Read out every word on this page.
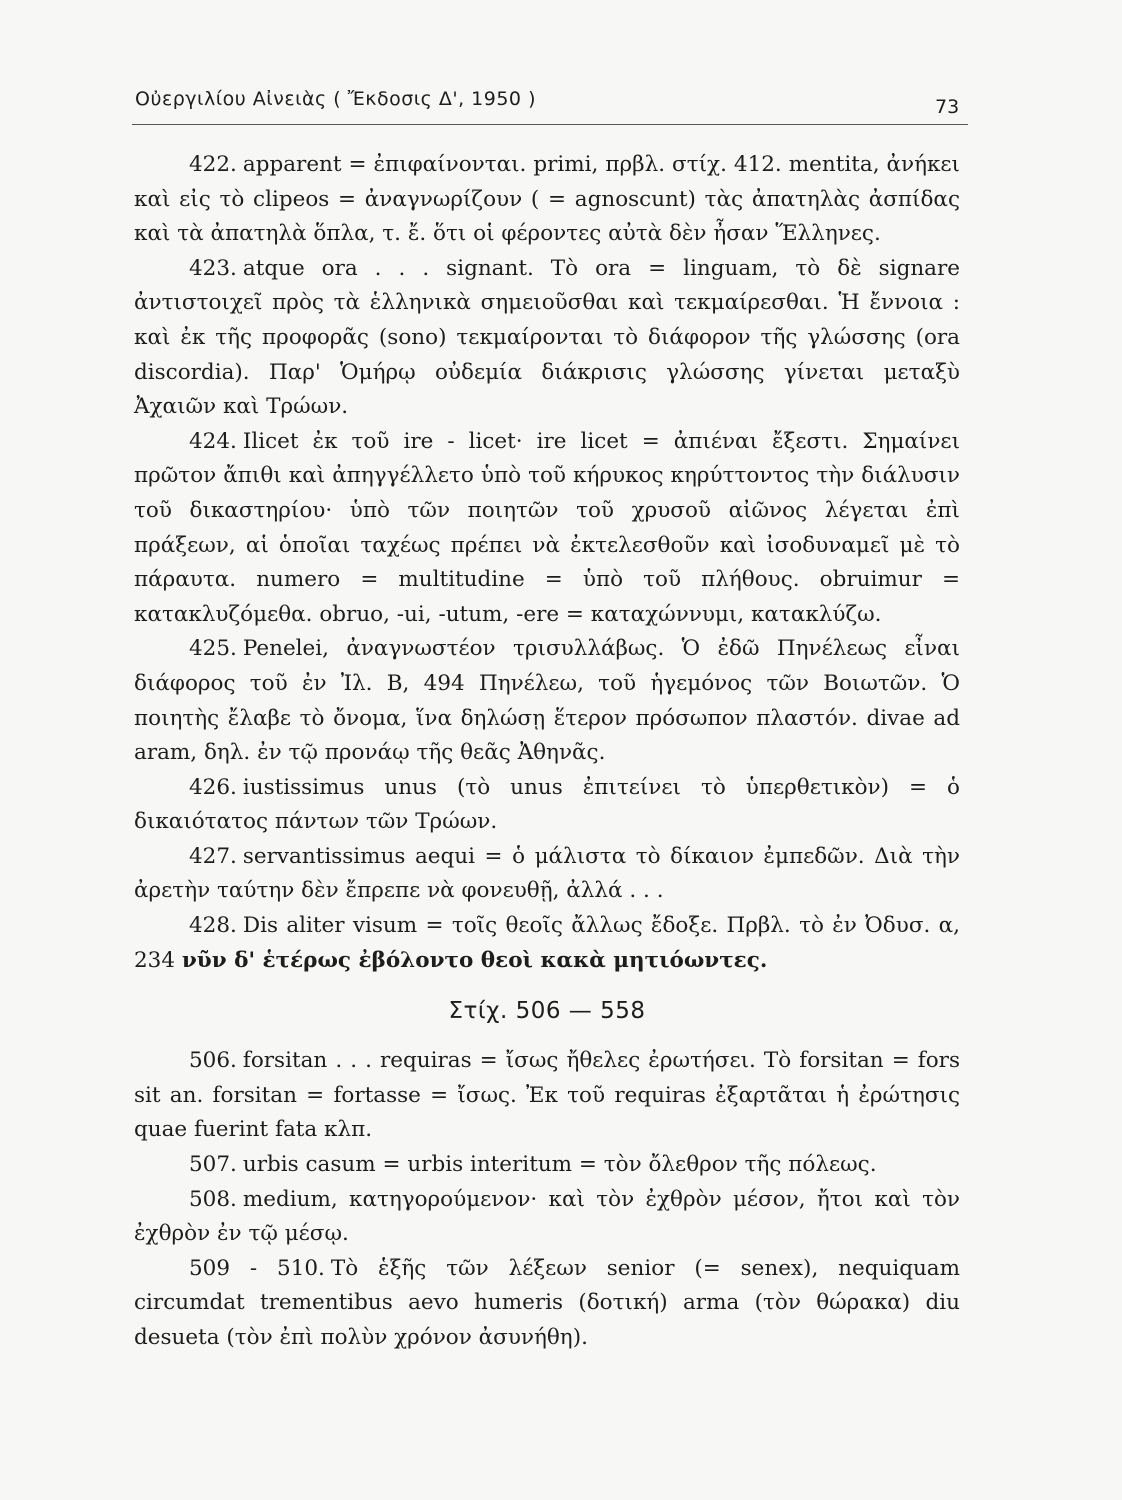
Οὐεργιλίου Αἰνειὰς ( Ἔκδοσις Δ', 1950 )	73

422. apparent = ἐπιφαίνονται. primi, πρβλ. στίχ. 412. mentita, ἀνήκει καὶ εἰς τὸ clipeos = ἀναγνωρίζουν ( = agnoscunt) τὰς ἀπατηλὰς ἀσπίδας καὶ τὰ ἀπατηλὰ ὅπλα, τ. ἔ. ὅτι οἱ φέροντες αὐτὰ δὲν ἦσαν Ἕλληνες.

423. atque ora . . . signant. Τὸ ora = linguam, τὸ δὲ signare ἀντιστοιχεῖ πρὸς τὰ ἑλληνικὰ σημειοῦσθαι καὶ τεκμαίρεσθαι. Ἡ ἔννοια : καὶ ἐκ τῆς προφορᾶς (sono) τεκμαίρονται τὸ διάφορον τῆς γλώσσης (ora discordia). Παρ' Ὁμήρῳ οὐδεμία διάκρισις γλώσσης γίνεται μεταξὺ Ἀχαιῶν καὶ Τρώων.

424. Ilicet ἐκ τοῦ ire - licet· ire licet = ἀπιέναι ἔξεστι. Σημαίνει πρῶτον ἄπιθι καὶ ἀπηγγέλλετο ὑπὸ τοῦ κήρυκος κηρύττοντος τὴν διάλυσιν τοῦ δικαστηρίου· ὑπὸ τῶν ποιητῶν τοῦ χρυσοῦ αἰῶνος λέγεται ἐπὶ πράξεων, αἱ ὁποῖαι ταχέως πρέπει νὰ ἐκτελεσθοῦν καὶ ἰσοδυναμεῖ μὲ τὸ πάραυτα. numero = multitudine = ὑπὸ τοῦ πλήθους. obruimur = κατακλυζόμεθα. obruo, -ui, -utum, -ere = καταχώννυμι, κατακλύζω.

425. Penelei, ἀναγνωστέον τρισυλλάβως. Ὁ ἐδῶ Πηνέλεως εἶναι διάφορος τοῦ ἐν Ἰλ. Β, 494 Πηνέλεω, τοῦ ἡγεμόνος τῶν Βοιωτῶν. Ὁ ποιητὴς ἔλαβε τὸ ὄνομα, ἵνα δηλώσῃ ἕτερον πρόσωπον πλαστόν. divae ad aram, δηλ. ἐν τῷ προνάῳ τῆς θεᾶς Ἀθηνᾶς.

426. iustissimus unus (τὸ unus ἐπιτείνει τὸ ὑπερθετικὸν) = ὁ δικαιότατος πάντων τῶν Τρώων.

427. servantissimus aequi = ὁ μάλιστα τὸ δίκαιον ἐμπεδῶν. Διὰ τὴν ἀρετὴν ταύτην δὲν ἔπρεπε νὰ φονευθῇ, ἀλλά . . .

428. Dis aliter visum = τοῖς θεοῖς ἄλλως ἔδοξε. Πρβλ. τὸ ἐν Ὀδυσ. α, 234 νῦν δ' ἑτέρως ἐβόλοντο θεοὶ κακὰ μητιόωντες.

Στίχ. 506 — 558

506. forsitan . . . requiras = ἴσως ἤθελες ἐρωτήσει. Τὸ forsitan = fors sit an. forsitan = fortasse = ἴσως. Ἐκ τοῦ requiras ἐξαρτᾶται ἡ ἐρώτησις quae fuerint fata κλπ.

507. urbis casum = urbis interitum = τὸν ὄλεθρον τῆς πόλεως.

508. medium, κατηγορούμενον· καὶ τὸν ἐχθρὸν μέσον, ἤτοι καὶ τὸν ἐχθρὸν ἐν τῷ μέσῳ.

509 - 510. Τὸ ἑξῆς τῶν λέξεων senior (= senex), nequiquam circumdat trementibus aevo humeris (δοτική) arma (τὸν θώρακα) diu desueta (τὸν ἐπὶ πολὺν χρόνον ἀσυνήθη).
